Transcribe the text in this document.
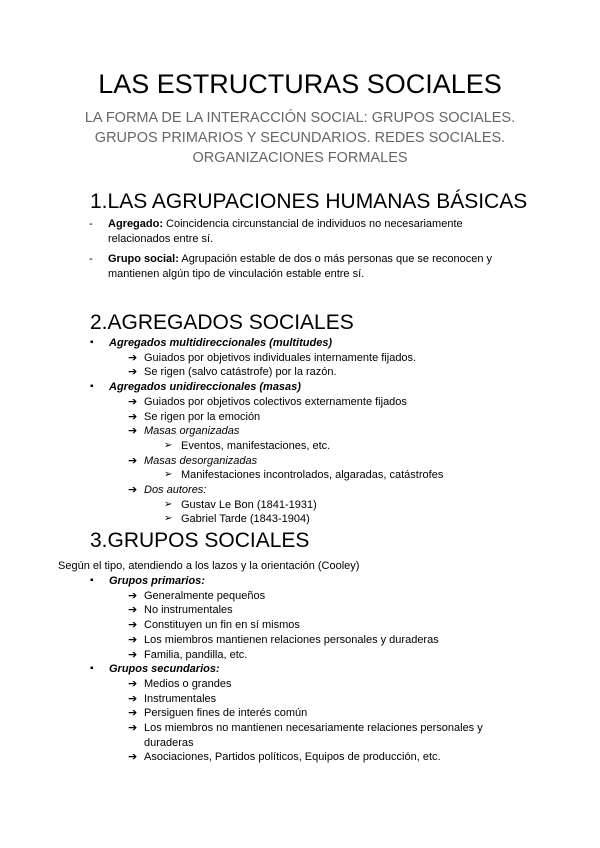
LAS ESTRUCTURAS SOCIALES
LA FORMA DE LA INTERACCIÓN SOCIAL: GRUPOS SOCIALES.
GRUPOS PRIMARIOS Y SECUNDARIOS. REDES SOCIALES.
ORGANIZACIONES FORMALES
1.LAS AGRUPACIONES HUMANAS BÁSICAS
- Agregado: Coincidencia circunstancial de individuos no necesariamente
relacionados entre sí.
- Grupo social: Agrupación estable de dos o más personas que se reconocen y
mantienen algún tipo de vinculación estable entre sí.
2.AGREGADOS SOCIALES
▪ Agregados multidireccionales (multitudes)
➔ Guiados por objetivos individuales internamente fijados.
➔ Se rigen (salvo catástrofe) por la razón.
▪ Agregados unidireccionales (masas)
➔ Guiados por objetivos colectivos externamente fijados
➔ Se rigen por la emoción
➔ Masas organizadas
➢ Eventos, manifestaciones, etc.
➔ Masas desorganizadas
➢ Manifestaciones incontrolados, algaradas, catástrofes
➔ Dos autores:
➢ Gustav Le Bon (1841-1931)
➢ Gabriel Tarde (1843-1904)
3.GRUPOS SOCIALES
Según el tipo, atendiendo a los lazos y la orientación (Cooley)
▪ Grupos primarios:
➔ Generalmente pequeños
➔ No instrumentales
➔ Constituyen un fin en sí mismos
➔ Los miembros mantienen relaciones personales y duraderas
➔ Familia, pandilla, etc.
▪ Grupos secundarios:
➔ Medios o grandes
➔ Instrumentales
➔ Persiguen fines de interés común
➔ Los miembros no mantienen necesariamente relaciones personales y
duraderas
➔ Asociaciones, Partidos políticos, Equipos de producción, etc.
